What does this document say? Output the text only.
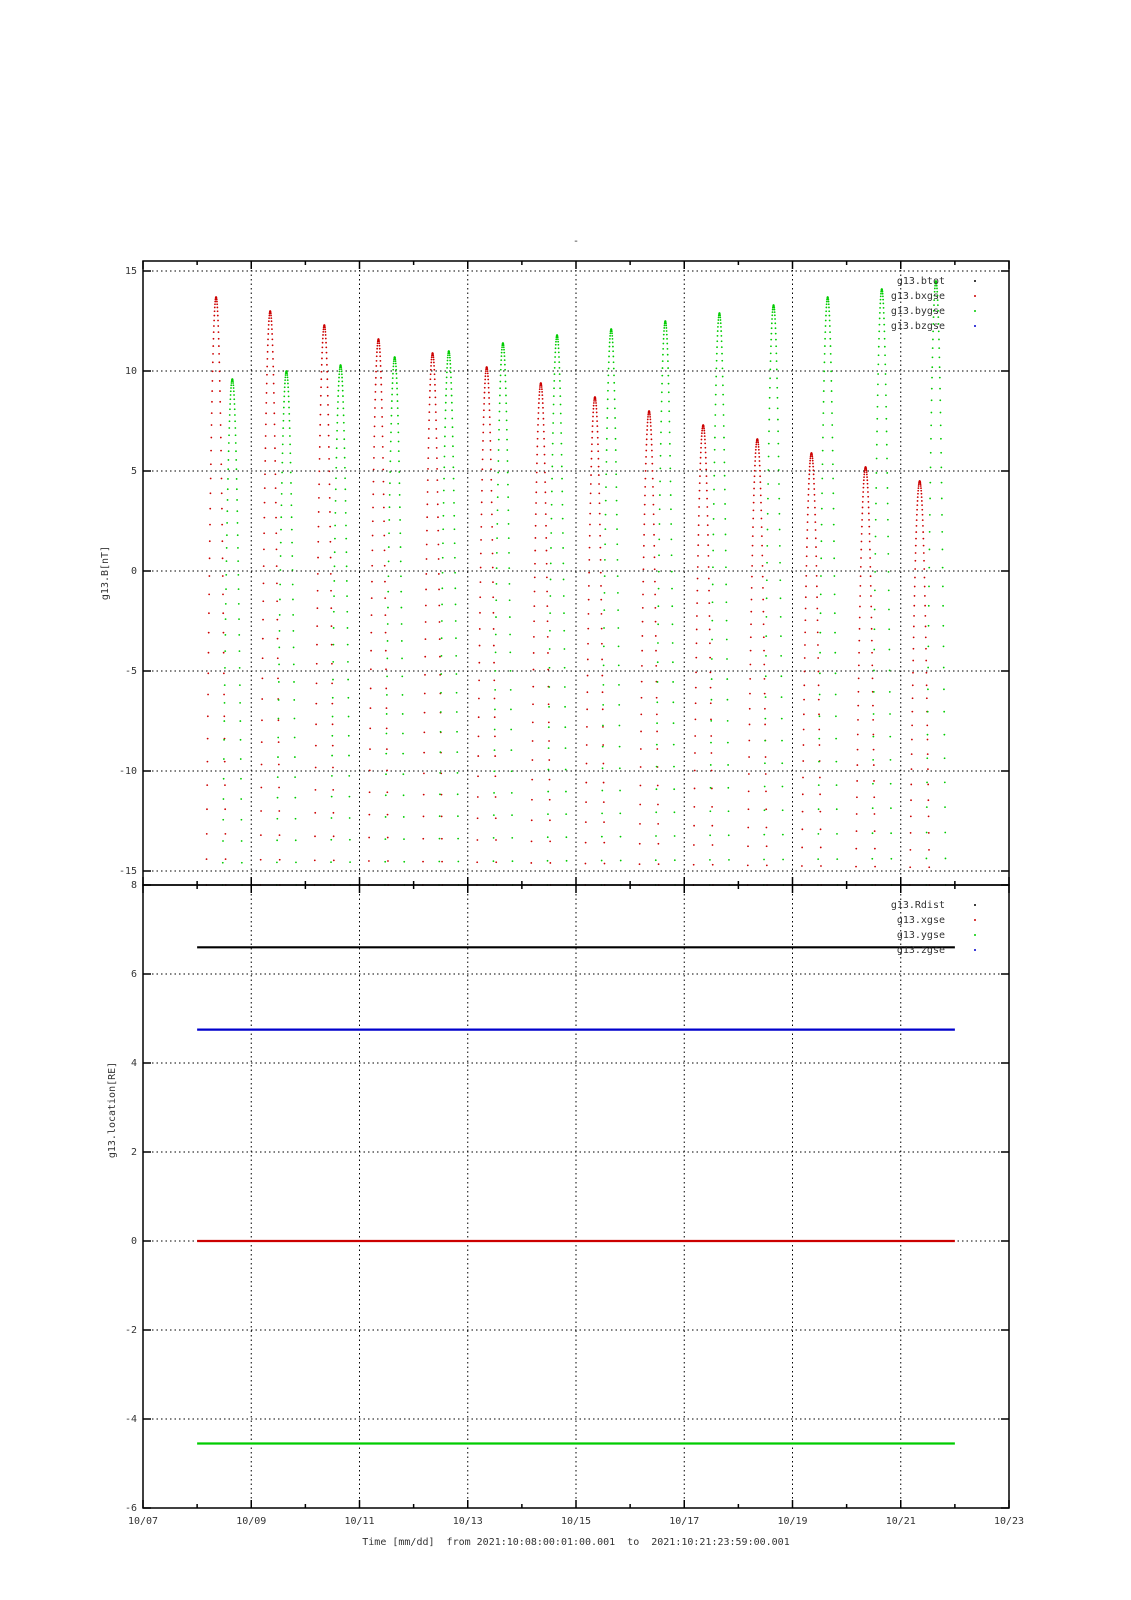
-
15
10
5
0
-5
-10
-15
g13.B[nT]
g13.btot
g13.bxgse
g13.bygse
g13.bzgse
8
6
4
2
0
-2
-4
-6
g13.location[RE]
g13.Rdist
g13.xgse
g13.ygse
g13.zgse
10/07	10/09	10/11	10/13	10/15	10/17	10/19	10/21	10/23
Time [mm/dd]  from 2021:10:08:00:01:00.001  to  2021:10:21:23:59:00.001
